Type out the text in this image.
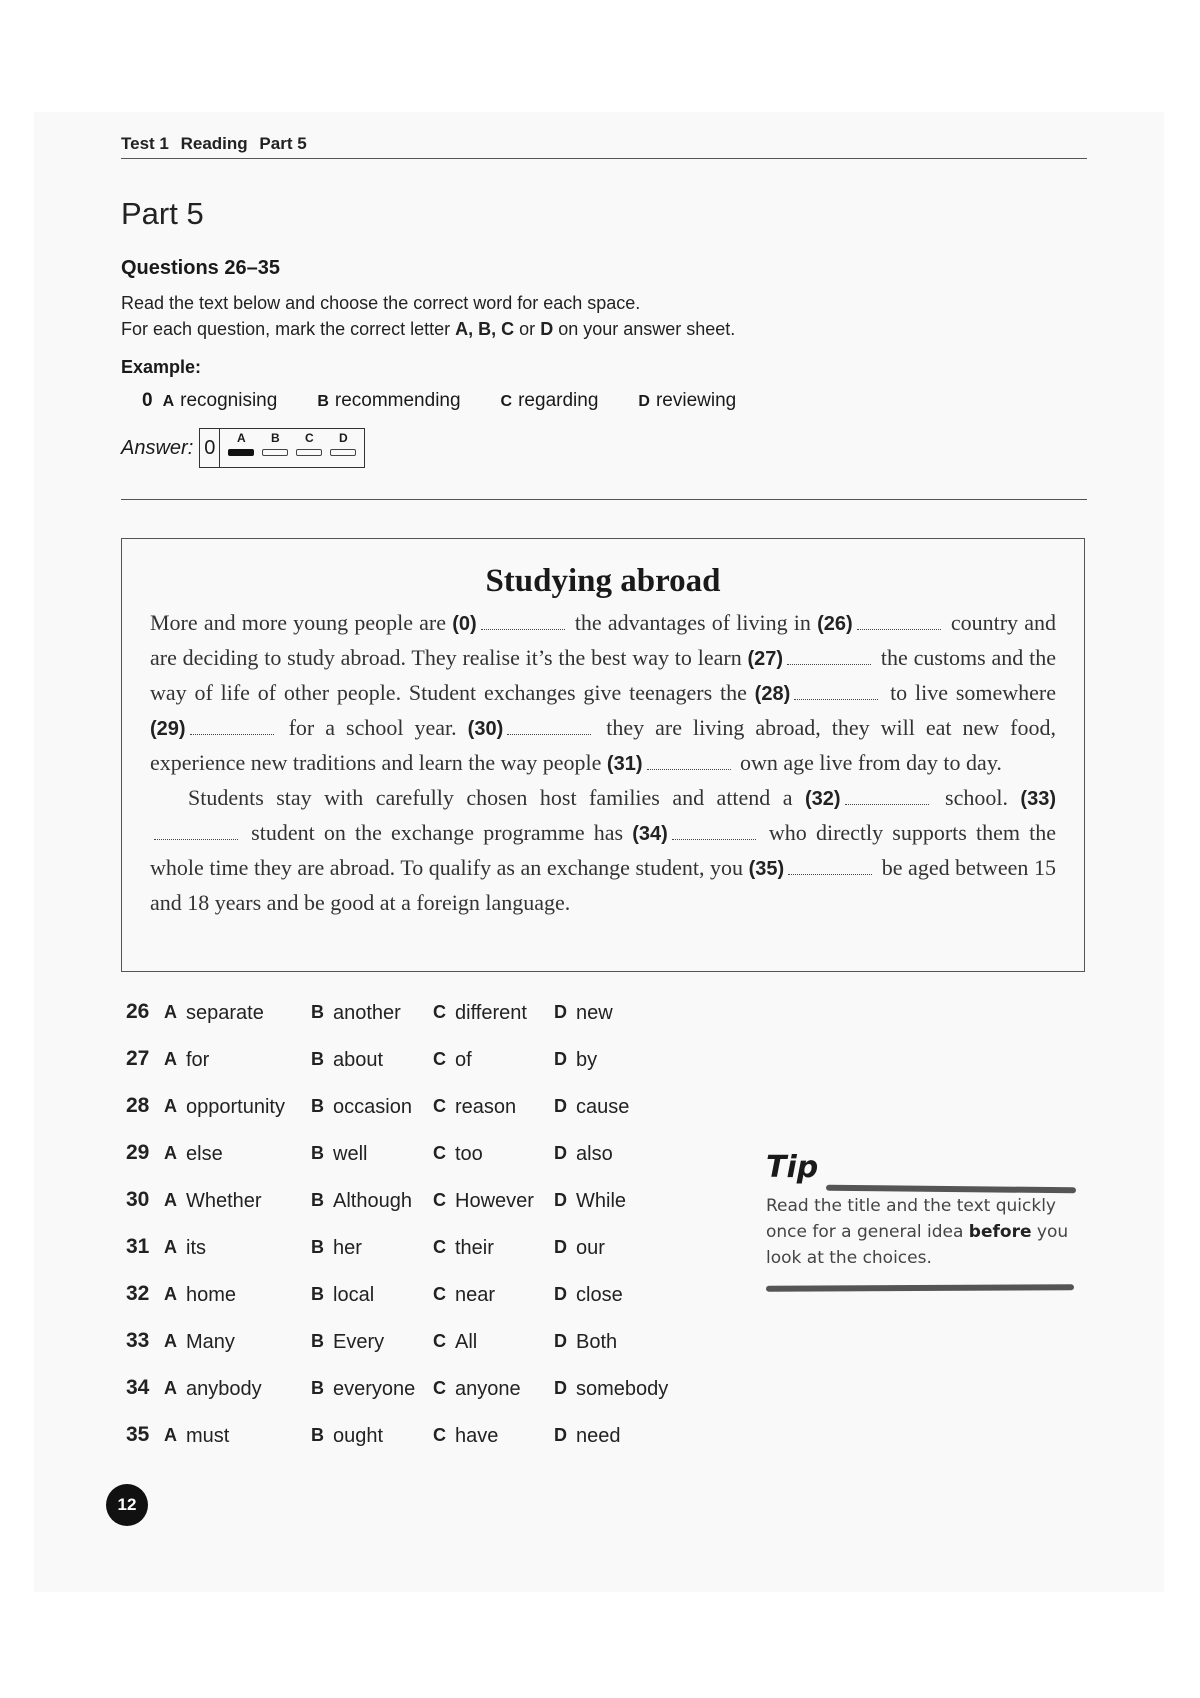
Test 1 Reading Part 5
Part 5
Questions 26–35
Read the text below and choose the correct word for each space.
For each question, mark the correct letter A, B, C or D on your answer sheet.
Example:
0 A recognising	B recommending	C regarding	D reviewing
Answer: 0	A B C D
Studying abroad

More and more young people are (0)	the advantages of living in (26)	country and are deciding to study abroad. They realise it’s the best way to learn (27)	the customs and the way of life of other people. Student exchanges give teenagers the (28)	to live somewhere (29)	for a school year. (30)	they are living abroad, they will eat new food, experience new traditions and learn the way people (31)	own age live from day to day.

Students stay with carefully chosen host families and attend a (32)	school. (33) student on the exchange programme has (34)	who directly supports them the whole time they are abroad. To qualify as an exchange student, you (35)	be aged between 15 and 18 years and be good at a foreign language.

26 A separate	B another C different D new
27 A for	B about	C of	D by
28 A opportunity B occasion C reason D cause
29 A else	B well	C too	D also
30 A Whether	B Although C However D While
31 A its	B her	C their	D our
32 A home	B local	C near	D close
33 A Many	B Every	C All	D Both
34 A anybody	B everyone C anyone D somebody
35 A must	B ought	C have	D need
Tip
Read the title and the text quickly once for a general idea before you look at the choices.
12
